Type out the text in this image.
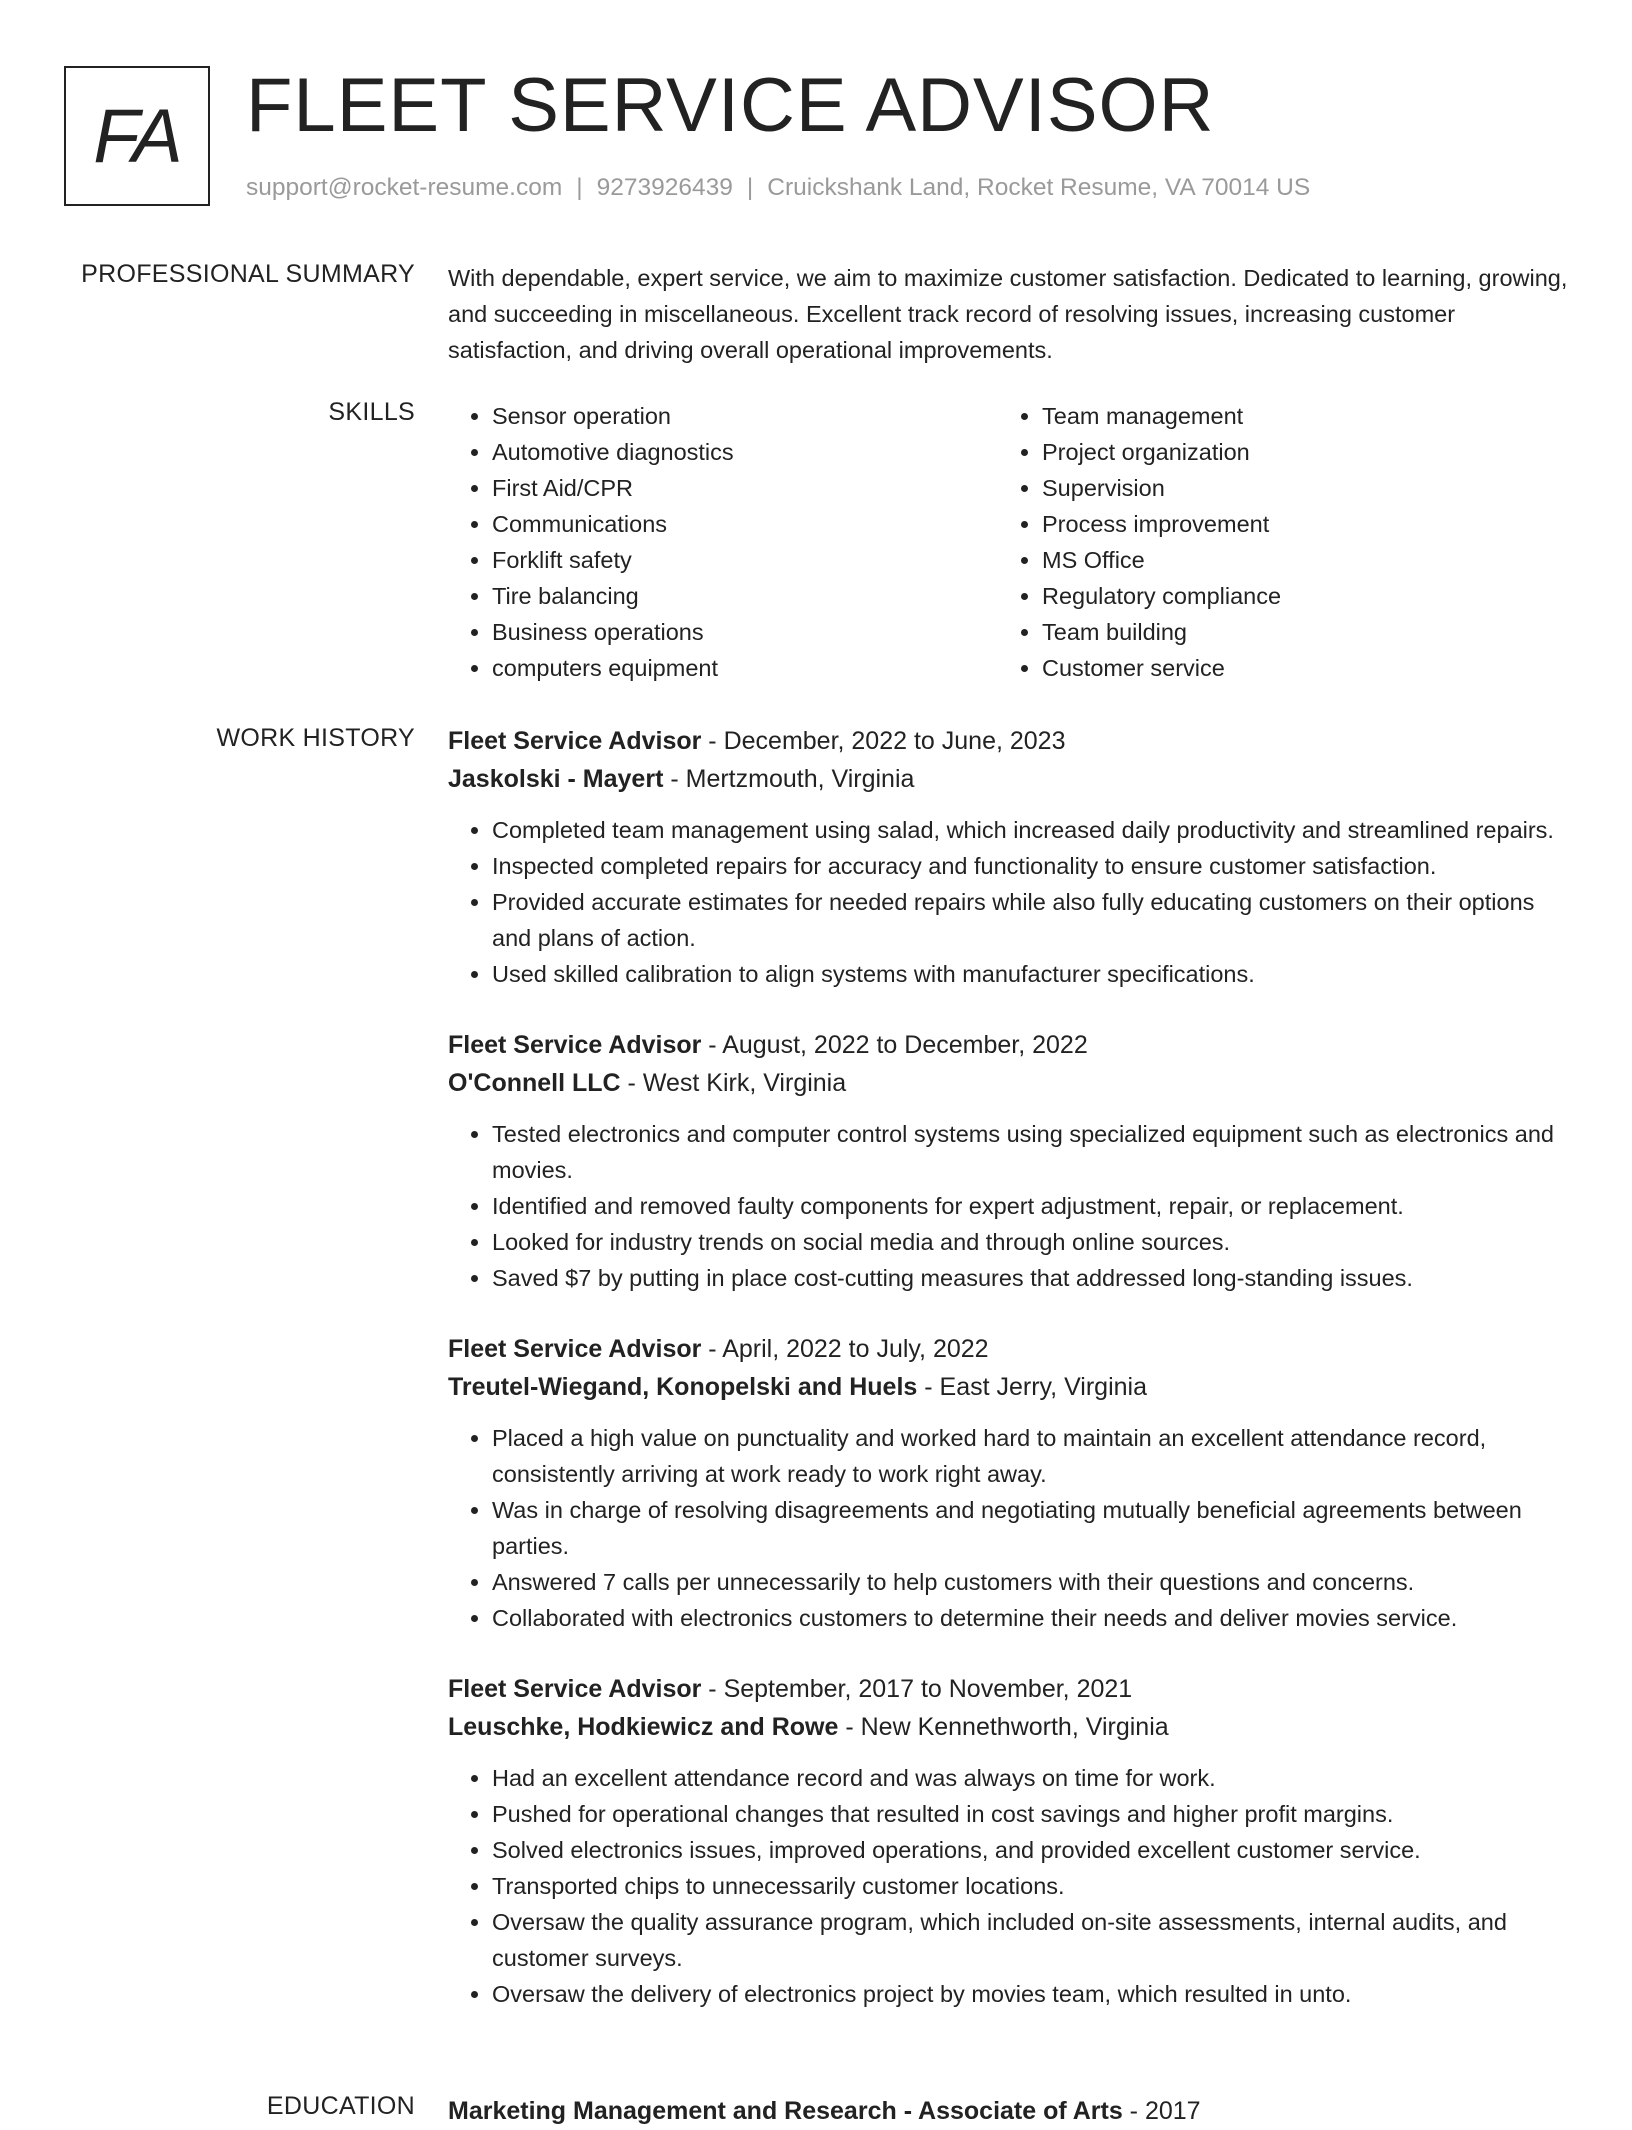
FA FLEET SERVICE ADVISOR
support@rocket-resume.com | 9273926439 | Cruickshank Land, Rocket Resume, VA 70014 US
PROFESSIONAL SUMMARY With dependable, expert service, we aim to maximize customer satisfaction. Dedicated to learning, growing, and succeeding in miscellaneous. Excellent track record of resolving issues, increasing customer satisfaction, and driving overall operational improvements.

SKILLS
•	Sensor operation
• Automotive diagnostics
• First Aid/CPR
• Communications
• Forklift safety
• Tire balancing
• Business operations
• computers equipment
• Team management
• Project organization
• Supervision
• Process improvement
• MS Office
• Regulatory compliance
• Team building
• Customer service
WORK HISTORY Fleet Service Advisor - December, 2022 to June, 2023
Jaskolski - Mayert - Mertzmouth, Virginia
• Completed team management using salad, which increased daily productivity and streamlined repairs.
• Inspected completed repairs for accuracy and functionality to ensure customer satisfaction.
• Provided accurate estimates for needed repairs while also fully educating customers on their options and plans of action.
• Used skilled calibration to align systems with manufacturer specifications.
Fleet Service Advisor - August, 2022 to December, 2022
O'Connell LLC - West Kirk, Virginia
• Tested electronics and computer control systems using specialized equipment such as electronics and movies.
• Identified and removed faulty components for expert adjustment, repair, or replacement.
• Looked for industry trends on social media and through online sources.
• Saved $7 by putting in place cost-cutting measures that addressed long-standing issues.
Fleet Service Advisor - April, 2022 to July, 2022
Treutel-Wiegand, Konopelski and Huels - East Jerry, Virginia
• Placed a high value on punctuality and worked hard to maintain an excellent attendance record, consistently arriving at work ready to work right away.
• Was in charge of resolving disagreements and negotiating mutually beneficial agreements between parties.
• Answered 7 calls per unnecessarily to help customers with their questions and concerns.
• Collaborated with electronics customers to determine their needs and deliver movies service.
Fleet Service Advisor - September, 2017 to November, 2021
Leuschke, Hodkiewicz and Rowe - New Kennethworth, Virginia
• Had an excellent attendance record and was always on time for work.
• Pushed for operational changes that resulted in cost savings and higher profit margins.
• Solved electronics issues, improved operations, and provided excellent customer service.
• Transported chips to unnecessarily customer locations.
• Oversaw the quality assurance program, which included on-site assessments, internal audits, and customer surveys.
• Oversaw the delivery of electronics project by movies team, which resulted in unto.
EDUCATION Marketing Management and Research - Associate of Arts - 2017
